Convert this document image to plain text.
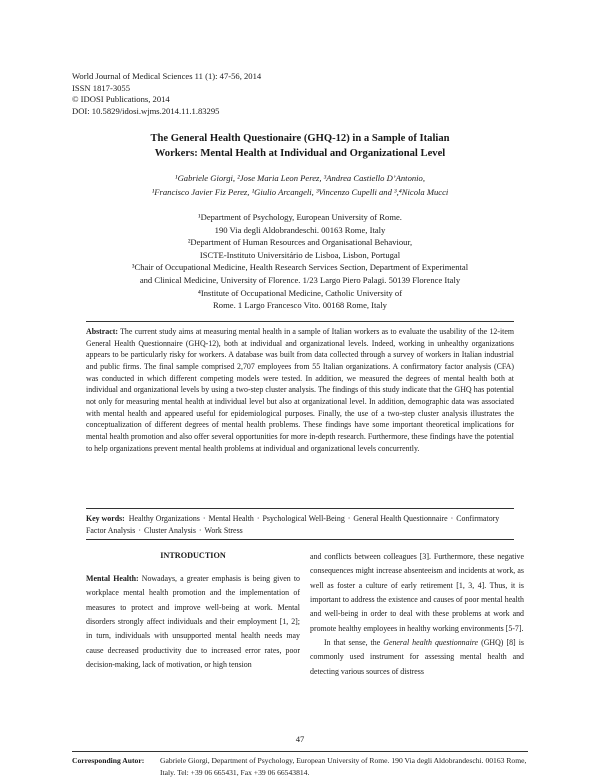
World Journal of Medical Sciences 11 (1): 47-56, 2014
ISSN 1817-3055
© IDOSI Publications, 2014
DOI: 10.5829/idosi.wjms.2014.11.1.83295
The General Health Questionaire (GHQ-12) in a Sample of Italian
Workers: Mental Health at Individual and Organizational Level
¹Gabriele Giorgi, ²Jose Maria Leon Perez, ³Andrea Castiello D’Antonio,
¹Francisco Javier Fiz Perez, ¹Giulio Arcangeli, ³Vincenzo Cupelli and ³,⁴Nicola Mucci
¹Department of Psychology, European University of Rome.
190 Via degli Aldobrandeschi. 00163 Rome, Italy
²Department of Human Resources and Organisational Behaviour,
ISCTE-Instituto Universitário de Lisboa, Lisbon, Portugal
³Chair of Occupational Medicine, Health Research Services Section, Department of Experimental
and Clinical Medicine, University of Florence. 1/23 Largo Piero Palagi. 50139 Florence Italy
⁴Institute of Occupational Medicine, Catholic University of
Rome. 1 Largo Francesco Vito. 00168 Rome, Italy
Abstract: The current study aims at measuring mental health in a sample of Italian workers as to evaluate the usability of the 12-item General Health Questionnaire (GHQ-12), both at individual and organizational levels. Indeed, working in unhealthy organizations appears to be particularly risky for workers. A database was built from data collected through a survey of workers in Italian industrial and public firms. The final sample comprised 2,707 employees from 55 Italian organizations. A confirmatory factor analysis (CFA) was conducted in which different competing models were tested. In addition, we measured the degrees of mental health both at individual and organizational levels by using a two-step cluster analysis. The findings of this study indicate that the GHQ has potential not only for measuring mental health at individual level but also at organizational level. In addition, demographic data was associated with mental health and appeared useful for epidemiological purposes. Finally, the use of a two-step cluster analysis illustrates the conceptualization of different degrees of mental health problems. These findings have some important theoretical implications for mental health promotion and also offer several opportunities for more in-depth research. Furthermore, these findings have the potential to help organizations prevent mental health problems at individual and organizational levels concurrently.
Key words: Healthy Organizations · Mental Health · Psychological Well-Being · General Health Questionnaire · Confirmatory Factor Analysis · Cluster Analysis · Work Stress
INTRODUCTION

Mental Health: Nowadays, a greater emphasis is being given to workplace mental health promotion and the implementation of measures to protect and improve well-being at work. Mental disorders strongly affect individuals and their employment [1, 2]; in turn, individuals with unsupported mental health needs may cause decreased productivity due to increased error rates, poor decision-making, lack of motivation, or high tension

and conflicts between colleagues [3]. Furthermore, these negative consequences might increase absenteeism and incidents at work, as well as foster a culture of early retirement [1, 3, 4]. Thus, it is important to address the existence and causes of poor mental health and well-being in order to deal with these problems at work and promote healthy employees in healthy working environments [5-7].

In that sense, the General health questionnaire (GHQ) [8] is commonly used instrument for assessing mental health and detecting various sources of distress

47
Corresponding Autor: Gabriele Giorgi, Department of Psychology, European University of Rome. 190 Via degli Aldobrandeschi. 00163 Rome, Italy. Tel: +39 06 665431, Fax +39 06 66543814.
